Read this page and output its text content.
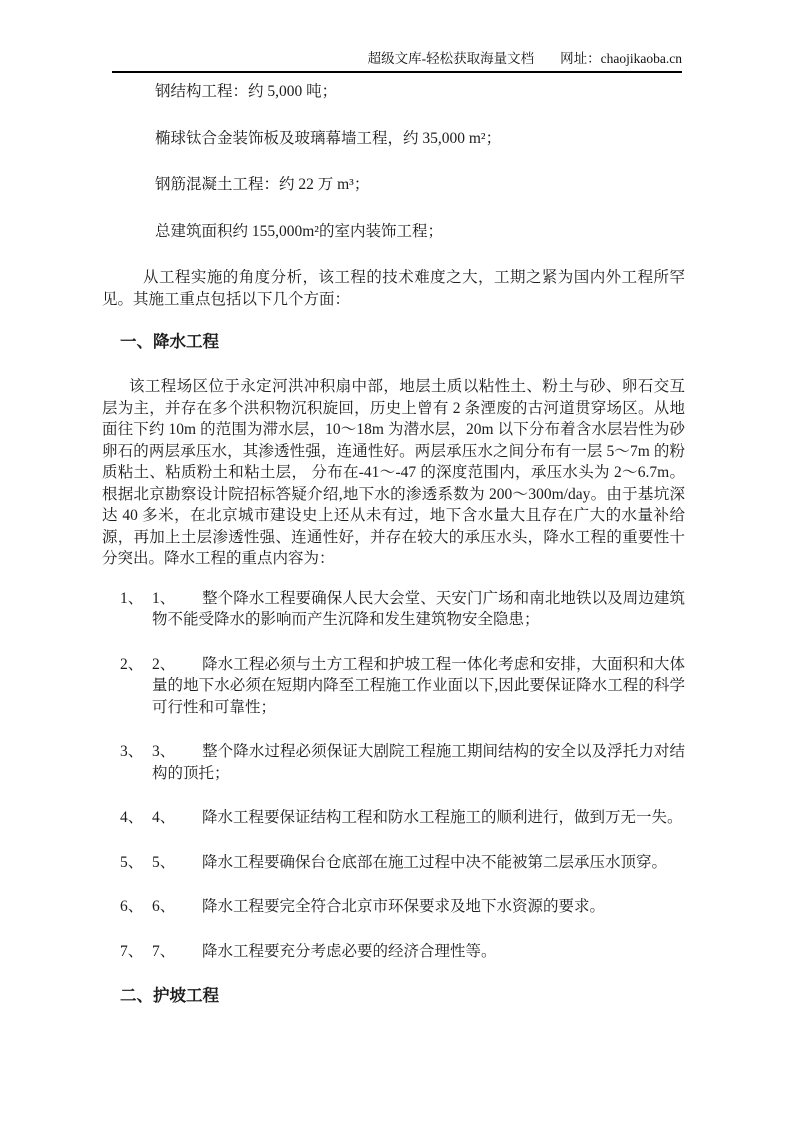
超级文库-轻松获取海量文档 网址：chaojikaoba.cn

钢结构工程：约 5,000 吨；

椭球钛合金装饰板及玻璃幕墙工程，约 35,000 m²；

钢筋混凝土工程：约 22 万 m³；

总建筑面积约 155,000m²的室内装饰工程；

从工程实施的角度分析，该工程的技术难度之大，工期之紧为国内外工程所罕见。其施工重点包括以下几个方面：

一、降水工程

该工程场区位于永定河洪冲积扇中部，地层土质以粘性土、粉土与砂、卵石交互层为主，并存在多个洪积物沉积旋回，历史上曾有 2 条湮废的古河道贯穿场区。从地面往下约 10m 的范围为滞水层，10～18m 为潜水层，20m 以下分布着含水层岩性为砂卵石的两层承压水，其渗透性强，连通性好。两层承压水之间分布有一层 5～7m 的粉质粘土、粘质粉土和粘土层， 分布在-41～-47 的深度范围内，承压水头为 2～6.7m。根据北京勘察设计院招标答疑介绍,地下水的渗透系数为 200～300m/day。由于基坑深达 40 多米，在北京城市建设史上还从未有过，地下含水量大且存在广大的水量补给源，再加上土层渗透性强、连通性好，并存在较大的承压水头，降水工程的重要性十分突出。降水工程的重点内容为：

1、 1、 整个降水工程要确保人民大会堂、天安门广场和南北地铁以及周边建筑物不能受降水的影响而产生沉降和发生建筑物安全隐患；
2、 2、 降水工程必须与土方工程和护坡工程一体化考虑和安排，大面积和大体量的地下水必须在短期内降至工程施工作业面以下,因此要保证降水工程的科学可行性和可靠性；
3、 3、 整个降水过程必须保证大剧院工程施工期间结构的安全以及浮托力对结构的顶托；
4、 4、 降水工程要保证结构工程和防水工程施工的顺利进行，做到万无一失。
5、 5、 降水工程要确保台仓底部在施工过程中决不能被第二层承压水顶穿。
6、 6、 降水工程要完全符合北京市环保要求及地下水资源的要求。
7、 7、 降水工程要充分考虑必要的经济合理性等。
二、护坡工程
